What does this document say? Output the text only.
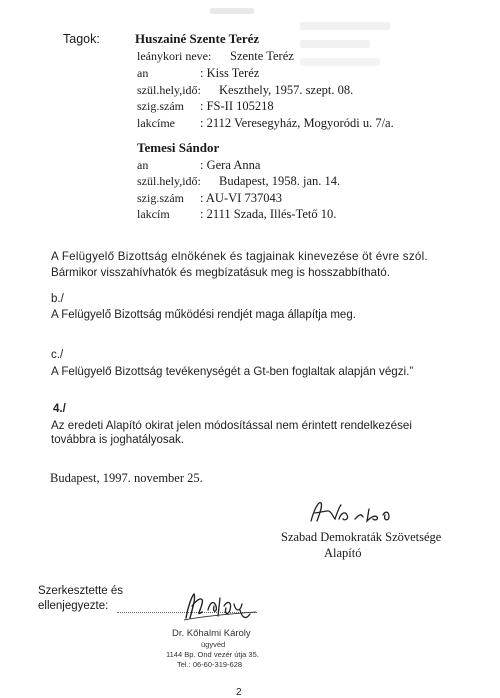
Tagok:	Huszainé Szente Teréz
leánykori neve: Szente Teréz
an	: Kiss Teréz
szül.hely,idő: Keszthely, 1957. szept. 08.
szig.szám : FS-II 105218
lakcíme : 2112 Veresegyház, Mogyoródi u. 7/a.
Temesi Sándor
an	: Gera Anna
szül.hely,idő: Budapest, 1958. jan. 14.
szig.szám : AU-VI 737043
lakcím : 2111 Szada, Illés-Tető 10.
A Felügyelő Bizottság elnökének és tagjainak kinevezése öt évre szól.
Bármikor visszahívhatók és megbízatásuk meg is hosszabbítható.
b./
A Felügyelő Bizottság működési rendjét maga állapítja meg.
c./
A Felügyelő Bizottság tevékenységét a Gt-ben foglaltak alapján végzi.”
4./
Az eredeti Alapító okirat jelen módosítással nem érintett rendelkezései
továbbra is joghatályosak.
Budapest, 1997. november 25.
Szabad Demokraták Szövetsége
Alapító
Szerkesztette és
ellenjegyezte:
Dr. Kőhalmi Károly
ügyvéd
1144 Bp. Ond vezér útja 35.
Tel.: 06-60-319-628
2
